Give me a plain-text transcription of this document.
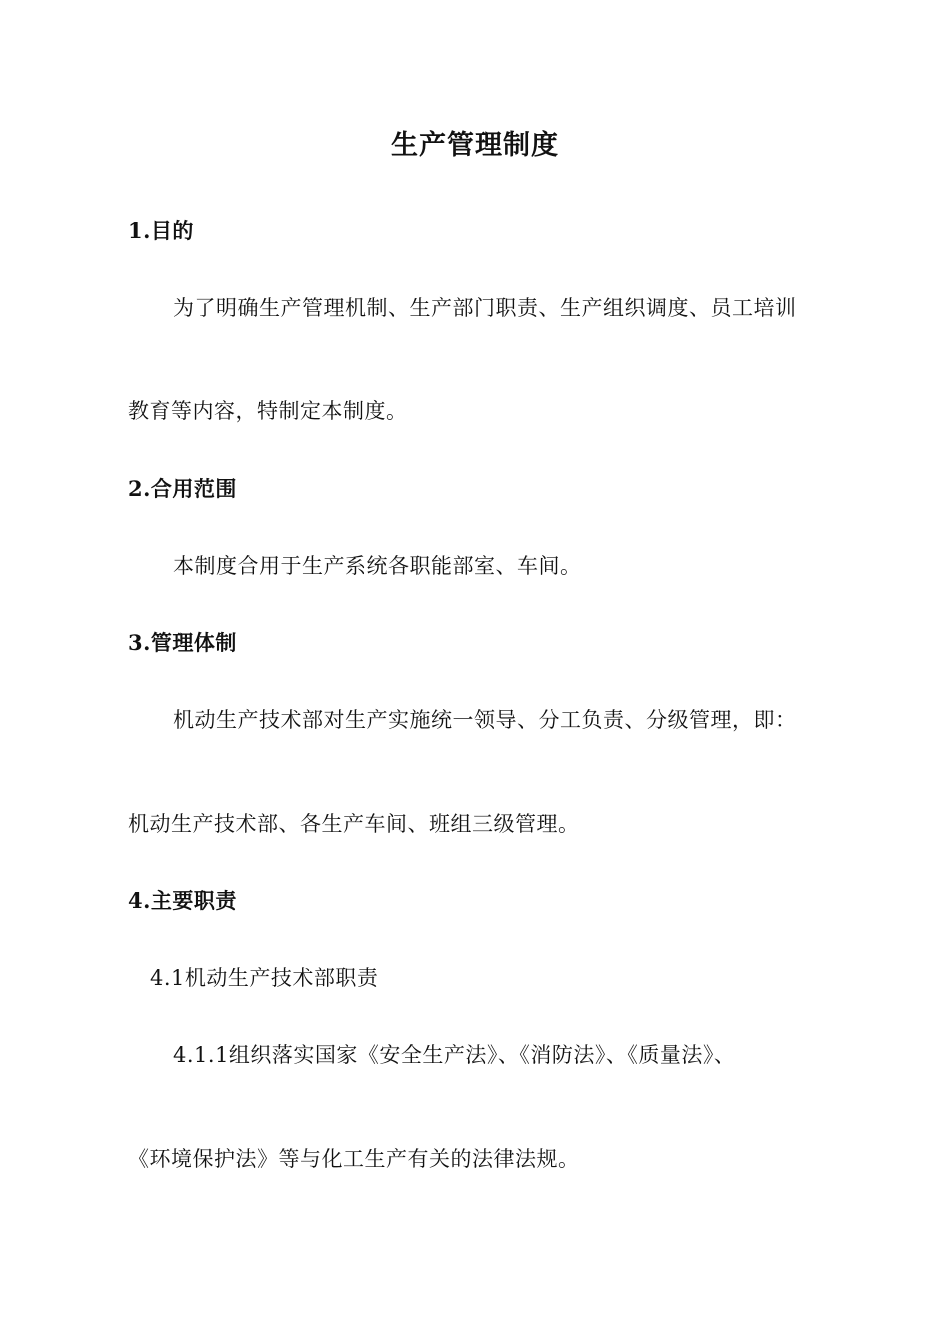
生产管理制度
1.目的
为了明确生产管理机制、生产部门职责、生产组织调度、员工培训
教育等内容，特制定本制度。
2.合用范围
本制度合用于生产系统各职能部室、车间。
3.管理体制
机动生产技术部对生产实施统一领导、分工负责、分级管理，即：
机动生产技术部、各生产车间、班组三级管理。
4.主要职责
4.1机动生产技术部职责
4.1.1组织落实国家《安全生产法》、《消防法》、《质量法》、
《环境保护法》等与化工生产有关的法律法规。
